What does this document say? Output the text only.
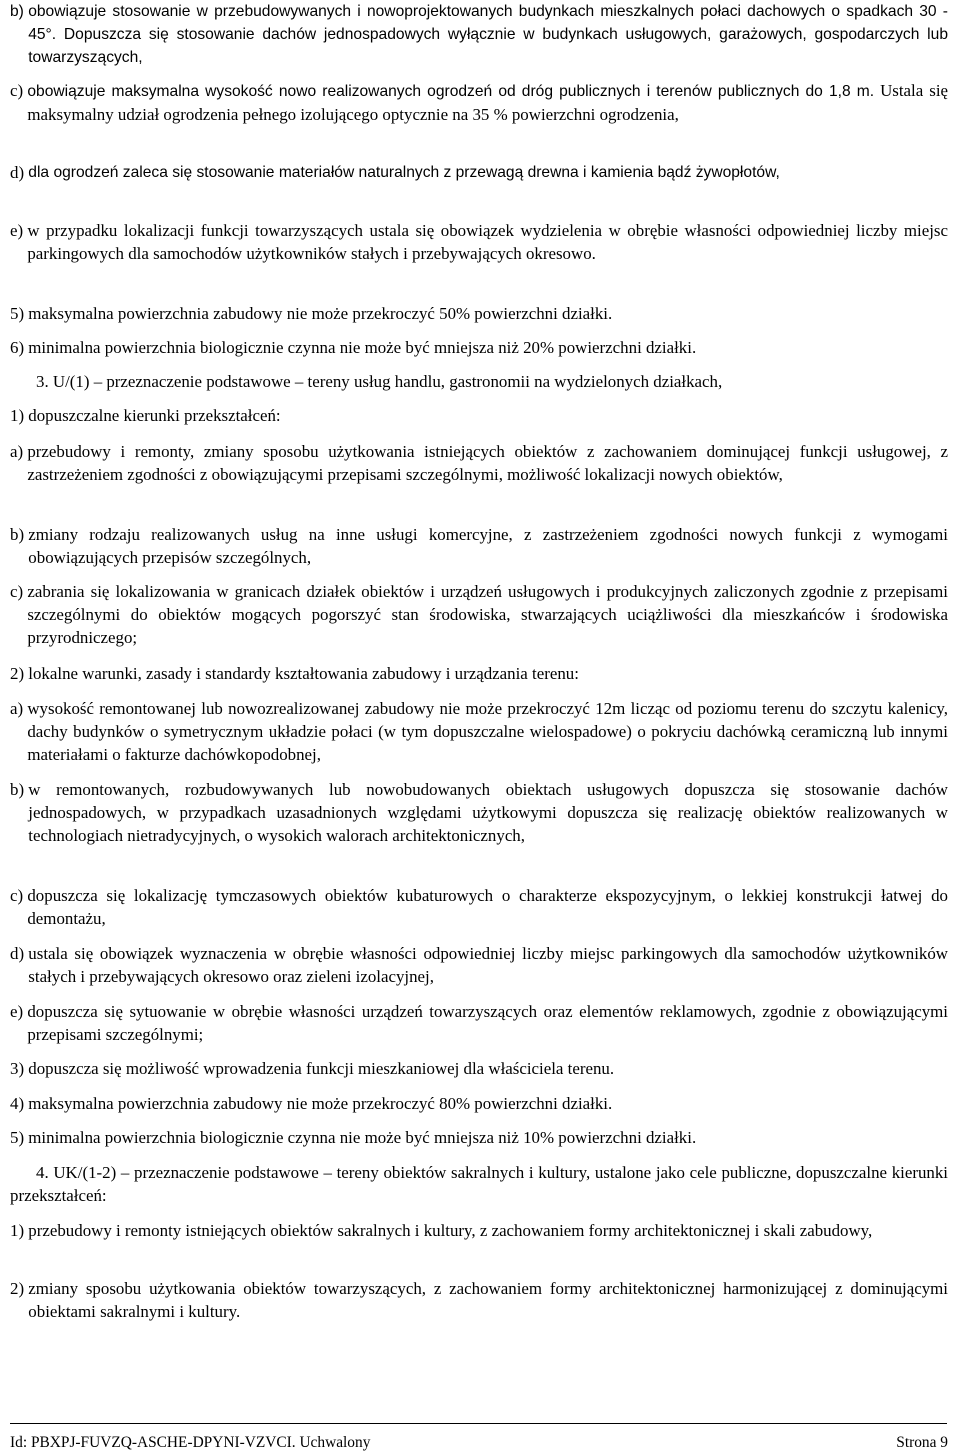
b) obowiązuje stosowanie w przebudowywanych i nowoprojektowanych budynkach mieszkalnych połaci dachowych o spadkach 30 - 45°. Dopuszcza się stosowanie dachów jednospadowych wyłącznie w budynkach usługowych, garażowych, gospodarczych lub towarzyszących,
c) obowiązuje maksymalna wysokość nowo realizowanych ogrodzeń od dróg publicznych i terenów publicznych do 1,8 m. Ustala się maksymalny udział ogrodzenia pełnego izolującego optycznie na 35 % powierzchni ogrodzenia,
d) dla ogrodzeń zaleca się stosowanie materiałów naturalnych z przewagą drewna i kamienia bądź żywopłotów,
e) w przypadku lokalizacji funkcji towarzyszących ustala się obowiązek wydzielenia w obrębie własności odpowiedniej liczby miejsc parkingowych dla samochodów użytkowników stałych i przebywających okresowo.

5) maksymalna powierzchnia zabudowy nie może przekroczyć 50% powierzchni działki.

6) minimalna powierzchnia biologicznie czynna nie może być mniejsza niż 20% powierzchni działki.

3. U/(1) – przeznaczenie podstawowe – tereny usług handlu, gastronomii na wydzielonych działkach,

1) dopuszczalne kierunki przekształceń:

a) przebudowy i remonty, zmiany sposobu użytkowania istniejących obiektów z zachowaniem dominującej funkcji usługowej, z zastrzeżeniem zgodności z obowiązującymi przepisami szczególnymi, możliwość lokalizacji nowych obiektów,
b) zmiany rodzaju realizowanych usług na inne usługi komercyjne, z zastrzeżeniem zgodności nowych funkcji z wymogami obowiązujących przepisów szczególnych,
c) zabrania się lokalizowania w granicach działek obiektów i urządzeń usługowych i produkcyjnych zaliczonych zgodnie z przepisami szczególnymi do obiektów mogących pogorszyć stan środowiska, stwarzających uciążliwości dla mieszkańców i środowiska przyrodniczego;

2) lokalne warunki, zasady i standardy kształtowania zabudowy i urządzania terenu:

a) wysokość remontowanej lub nowozrealizowanej zabudowy nie może przekroczyć 12m licząc od poziomu terenu do szczytu kalenicy, dachy budynków o symetrycznym układzie połaci (w tym dopuszczalne wielospadowe) o pokryciu dachówką ceramiczną lub innymi materiałami o fakturze dachówkopodobnej,
b) w remontowanych, rozbudowywanych lub nowobudowanych obiektach usługowych dopuszcza się stosowanie dachów jednospadowych, w przypadkach uzasadnionych względami użytkowymi dopuszcza się realizację obiektów realizowanych w technologiach nietradycyjnych, o wysokich walorach architektonicznych,
c) dopuszcza się lokalizację tymczasowych obiektów kubaturowych o charakterze ekspozycyjnym, o lekkiej konstrukcji łatwej do demontażu,
d) ustala się obowiązek wyznaczenia w obrębie własności odpowiedniej liczby miejsc parkingowych dla samochodów użytkowników stałych i przebywających okresowo oraz zieleni izolacyjnej,
e) dopuszcza się sytuowanie w obrębie własności urządzeń towarzyszących oraz elementów reklamowych, zgodnie z obowiązującymi przepisami szczególnymi;

3) dopuszcza się możliwość wprowadzenia funkcji mieszkaniowej dla właściciela terenu.

4) maksymalna powierzchnia zabudowy nie może przekroczyć 80% powierzchni działki.

5) minimalna powierzchnia biologicznie czynna nie może być mniejsza niż 10% powierzchni działki.

4. UK/(1-2) – przeznaczenie podstawowe – tereny obiektów sakralnych i kultury, ustalone jako cele publiczne, dopuszczalne kierunki przekształceń:

1) przebudowy i remonty istniejących obiektów sakralnych i kultury, z zachowaniem formy architektonicznej i skali zabudowy,
2) zmiany sposobu użytkowania obiektów towarzyszących, z zachowaniem formy architektonicznej harmonizującej z dominującymi obiektami sakralnymi i kultury.
Id: PBXPJ-FUVZQ-ASCHE-DPYNI-VZVCI. Uchwalony	Strona 9
